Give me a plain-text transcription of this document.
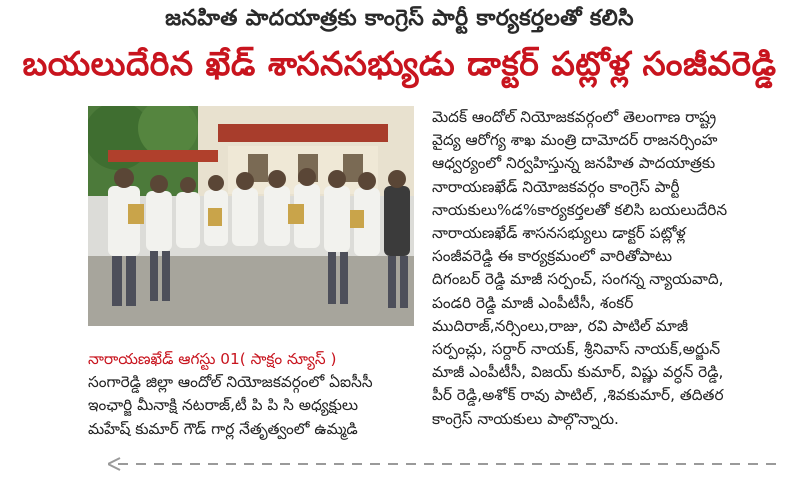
జనహిత పాదయాత్రకు కాంగ్రెస్ పార్టీ కార్యకర్తలతో కలిసి
బయలుదేరిన ఖేడ్ శాసనసభ్యుడు డాక్టర్ పట్లోళ్ల సంజీవరెడ్డి
మెదక్ ఆందోల్ నియోజకవర్గంలో తెలంగాణ రాష్ట్ర
వైద్య ఆరోగ్య శాఖ మంత్రి దామోదర్ రాజనర్సింహ
ఆధ్వర్యంలో నిర్వహిస్తున్న జనహిత పాదయాత్రకు
నారాయణఖేడ్ నియోజకవర్గం కాంగ్రెస్ పార్టీ
నాయకులు%డ%కార్యకర్తలతో కలిసి బయలుదేరిన
నారాయణఖేడ్ శాసనసభ్యులు డాక్టర్ పట్లోళ్ల
సంజీవరెడ్డి ఈ కార్యక్రమంలో వారితోపాటు
దిగంబర్ రెడ్డి మాజీ సర్పంచ్, సంగన్న న్యాయవాది,
పండరి రెడ్డి మాజీ ఎంపీటీసీ, శంకర్
ముదిరాజ్,నర్సింలు,రాజు, రవి పాటిల్ మాజీ
సర్పంచ్లు, సర్దార్ నాయక్, శ్రీనివాస్ నాయక్,అర్జున్
మాజీ ఎంపీటీసీ, విజయ్ కుమార్, విష్ణు వర్ధన్ రెడ్డి,
పీర్ రెడ్డి,అశోక్ రావు పాటిల్, ,శివకుమార్, తదితర
కాంగ్రెస్ నాయకులు పాల్గొన్నారు.
నారాయణఖేడ్ ఆగస్టు 01( సాక్షం న్యూస్ )
సంగారెడ్డి జిల్లా ఆందోల్ నియోజకవర్గంలో ఏఐసీసీ
ఇంఛార్జి మీనాక్షి నటరాజ్,టీ పి పి సి అధ్యక్షులు
మహేష్ కుమార్ గౌడ్ గార్ల నేతృత్వంలో ఉమ్మడి
